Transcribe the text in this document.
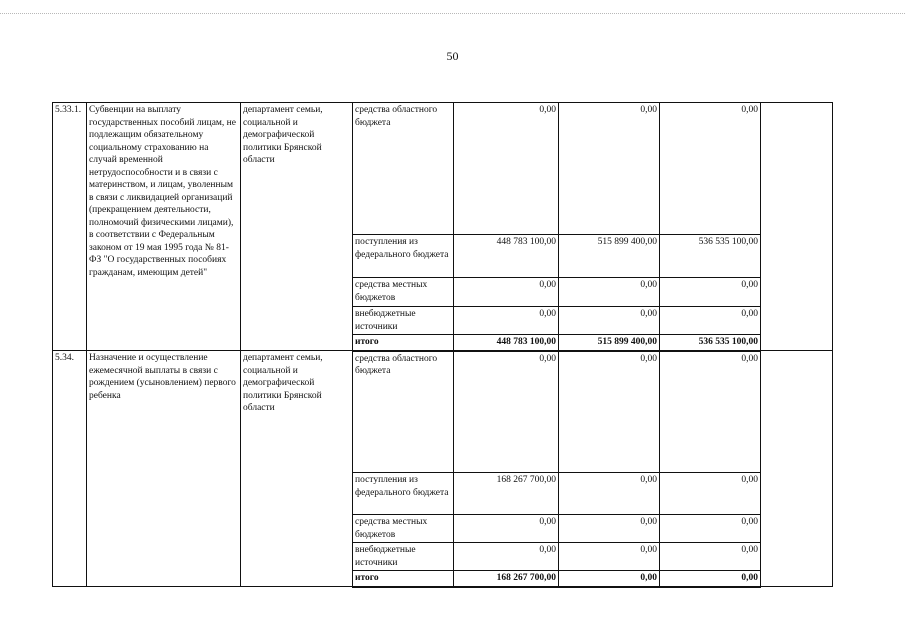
50
5.33.1.	Субвенции на выплату государственных пособий лицам, не подлежащим обязательному социальному страхованию на случай временной нетрудоспособности и в связи с материнством, и лицам, уволенным в связи с ликвидацией организаций (прекращением деятельности, полномочий физическими лицами), в соответствии с Федеральным законом от 19 мая 1995 года № 81-ФЗ "О государственных пособиях гражданам, имеющим детей"	департамент семьи, социальной и демографической политики Брянской области	средства областного бюджета	0,00	0,00	0,00	
			поступления из федерального бюджета	448 783 100,00	515 899 400,00	536 535 100,00	
			средства местных бюджетов	0,00	0,00	0,00	
			внебюджетные источники	0,00	0,00	0,00	
			итого	448 783 100,00	515 899 400,00	536 535 100,00	
5.34.	Назначение и осуществление ежемесячной выплаты в связи с рождением (усыновлением) первого ребенка	департамент семьи, социальной и демографической политики Брянской области	средства областного бюджета	0,00	0,00	0,00	
			поступления из федерального бюджета	168 267 700,00	0,00	0,00	
			средства местных бюджетов	0,00	0,00	0,00	
			внебюджетные источники	0,00	0,00	0,00	
			итого	168 267 700,00	0,00	0,00	
